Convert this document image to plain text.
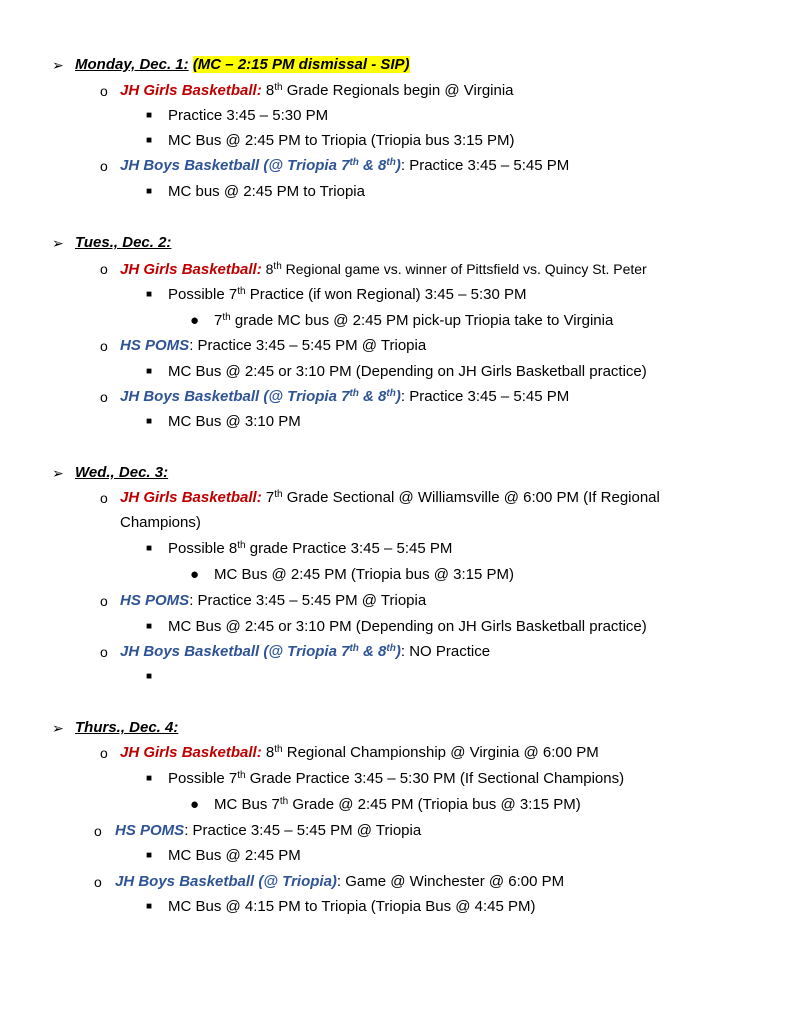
➢ Monday, Dec. 1: (MC – 2:15 PM dismissal - SIP)
o JH Girls Basketball: 8th Grade Regionals begin @ Virginia
■ Practice 3:45 – 5:30 PM
■ MC Bus @ 2:45 PM to Triopia (Triopia bus 3:15 PM)
o JH Boys Basketball (@ Triopia 7th & 8th): Practice 3:45 – 5:45 PM
■ MC bus @ 2:45 PM to Triopia
➢ Tues., Dec. 2:
o JH Girls Basketball: 8th Regional game vs. winner of Pittsfield vs. Quincy St. Peter
■ Possible 7th Practice (if won Regional) 3:45 – 5:30 PM
● 7th grade MC bus @ 2:45 PM pick-up Triopia take to Virginia
o HS POMS: Practice 3:45 – 5:45 PM @ Triopia
■ MC Bus @ 2:45 or 3:10 PM (Depending on JH Girls Basketball practice)
o JH Boys Basketball (@ Triopia 7th & 8th): Practice 3:45 – 5:45 PM
■ MC Bus @ 3:10 PM
➢ Wed., Dec. 3:
o JH Girls Basketball: 7th Grade Sectional @ Williamsville @ 6:00 PM (If Regional
Champions)
■ Possible 8th grade Practice 3:45 – 5:45 PM
● MC Bus @ 2:45 PM (Triopia bus @ 3:15 PM)
o HS POMS: Practice 3:45 – 5:45 PM @ Triopia
■ MC Bus @ 2:45 or 3:10 PM (Depending on JH Girls Basketball practice)
o JH Boys Basketball (@ Triopia 7th & 8th): NO Practice
■
➢ Thurs., Dec. 4:
o JH Girls Basketball: 8th Regional Championship @ Virginia @ 6:00 PM
■ Possible 7th Grade Practice 3:45 – 5:30 PM (If Sectional Champions)
● MC Bus 7th Grade @ 2:45 PM (Triopia bus @ 3:15 PM)
o HS POMS: Practice 3:45 – 5:45 PM @ Triopia
■ MC Bus @ 2:45 PM
o JH Boys Basketball (@ Triopia): Game @ Winchester @ 6:00 PM
■ MC Bus @ 4:15 PM to Triopia (Triopia Bus @ 4:45 PM)
